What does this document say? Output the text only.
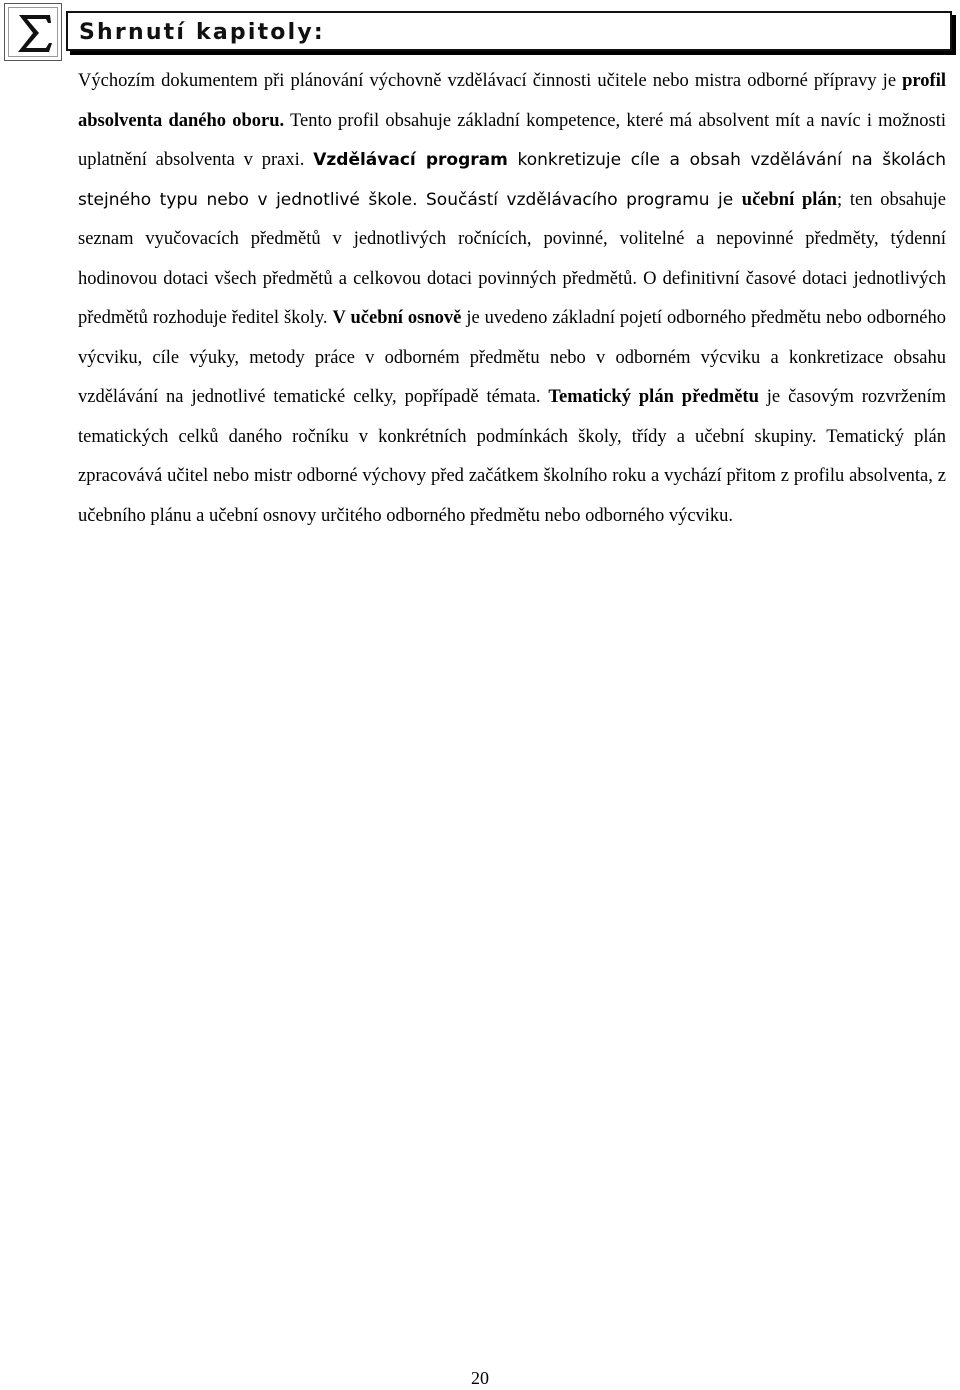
Shrnutí kapitoly:

Výchozím dokumentem při plánování výchovně vzdělávací činnosti učitele nebo mistra odborné přípravy je profil absolventa daného oboru. Tento profil obsahuje základní kompetence, které má absolvent mít a navíc i možnosti uplatnění absolventa v praxi. Vzdělávací program konkretizuje cíle a obsah vzdělávání na školách stejného typu nebo v jednotlivé škole. Součástí vzdělávacího programu je učební plán; ten obsahuje seznam vyučovacích předmětů v jednotlivých ročnících, povinné, volitelné a nepovinné předměty, týdenní hodinovou dotaci všech předmětů a celkovou dotaci povinných předmětů. O definitivní časové dotaci jednotlivých předmětů rozhoduje ředitel školy. V učební osnově je uvedeno základní pojetí odborného předmětu nebo odborného výcviku, cíle výuky, metody práce v odborném předmětu nebo v odborném výcviku a konkretizace obsahu vzdělávání na jednotlivé tematické celky, popřípadě témata. Tematický plán předmětu je časovým rozvržením tematických celků daného ročníku v konkrétních podmínkách školy, třídy a učební skupiny. Tematický plán zpracovává učitel nebo mistr odborné výchovy před začátkem školního roku a vychází přitom z profilu absolventa, z učebního plánu a učební osnovy určitého odborného předmětu nebo odborného výcviku.

20
